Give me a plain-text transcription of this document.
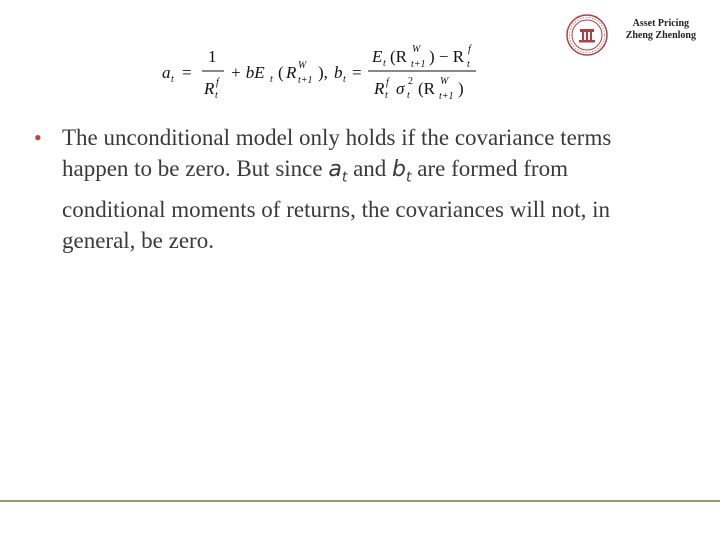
Asset Pricing
Zheng Zhenlong
a t =
1
R f
t
+ bE t ( R W
t+1 ), b t =
E t (R W
t+1 ) − R f
t
R f
t σ 2
t (R W
t+1 )
• The unconditional model only holds if the covariance terms
happen to be zero. But since $a_t$ and $b_t$ are formed from
conditional moments of returns, the covariances will not, in
general, be zero.
